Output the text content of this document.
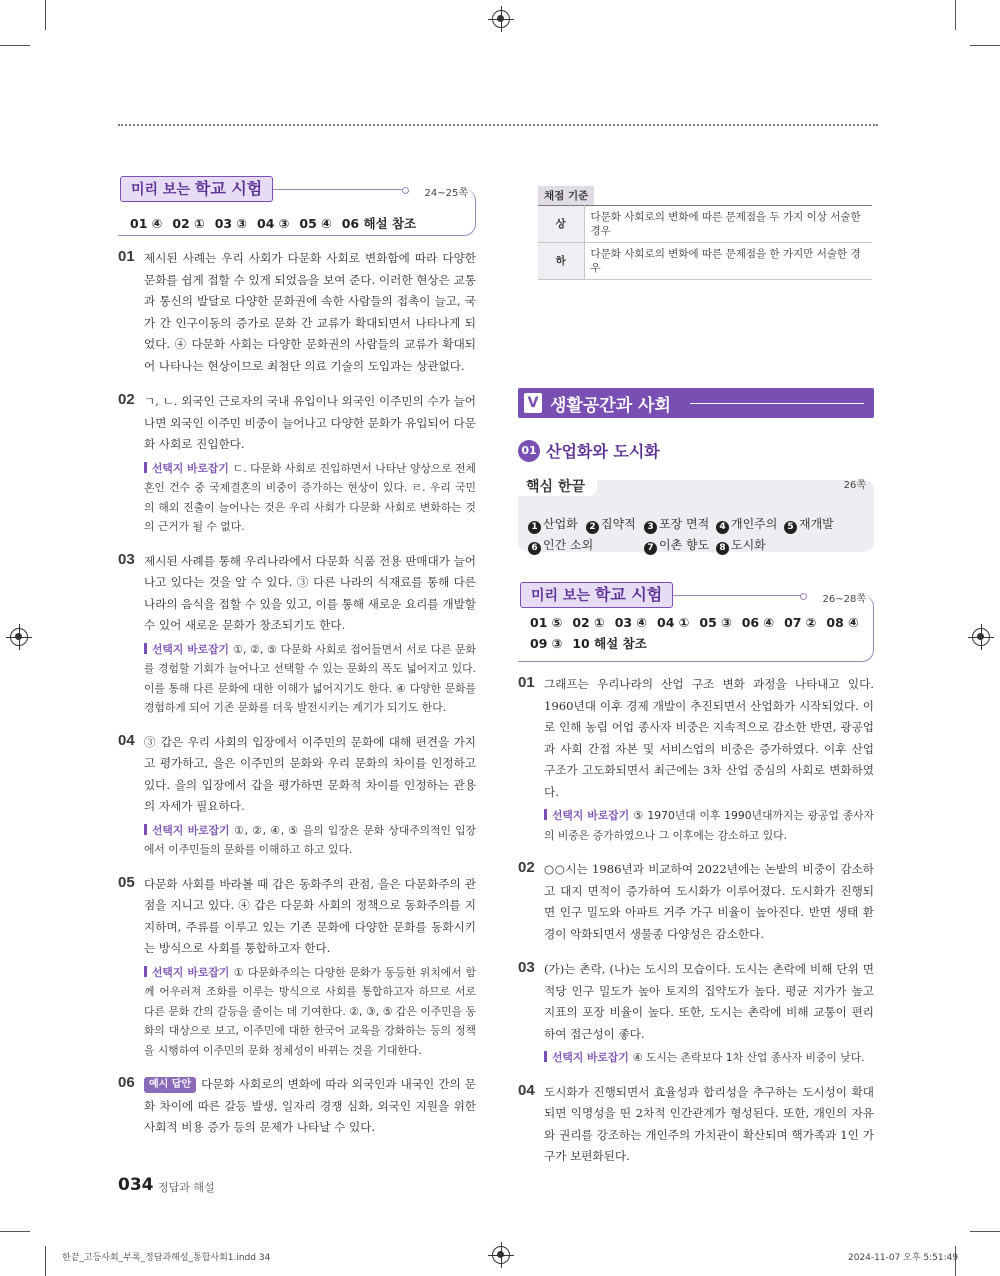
미리 보는 학교 시험	24~25쪽
01 ④ 02 ① 03 ③ 04 ③ 05 ④ 06 해설 참조
01 제시된 사례는 우리 사회가 다문화 사회로 변화함에 따라 다양한 문화를 쉽게 접할 수 있게 되었음을 보여 준다. 이러한 현상은 교통과 통신의 발달로 다양한 문화권에 속한 사람들의 접촉이 늘고, 국가 간 인구이동의 증가로 문화 간 교류가 확대되면서 나타나게 되었다. ④ 다문화 사회는 다양한 문화권의 사람들의 교류가 확대되어 나타나는 현상이므로 최첨단 의료 기술의 도입과는 상관없다.
02 ㄱ, ㄴ. 외국인 근로자의 국내 유입이나 외국인 이주민의 수가 늘어나면 외국인 이주민 비중이 늘어나고 다양한 문화가 유입되어 다문화 사회로 진입한다.
선택지 바로잡기 ㄷ. 다문화 사회로 진입하면서 나타난 양상으로 전체 혼인 건수 중 국제결혼의 비중이 증가하는 현상이 있다. ㄹ. 우리 국민의 해외 진출이 늘어나는 것은 우리 사회가 다문화 사회로 변화하는 것의 근거가 될 수 없다.
03 제시된 사례를 통해 우리나라에서 다문화 식품 전용 판매대가 늘어나고 있다는 것을 알 수 있다. ③ 다른 나라의 식재료를 통해 다른 나라의 음식을 접할 수 있을 있고, 이를 통해 새로운 요리를 개발할 수 있어 새로운 문화가 창조되기도 한다.
선택지 바로잡기 ①, ②, ⑤ 다문화 사회로 접어들면서 서로 다른 문화를 경험할 기회가 늘어나고 선택할 수 있는 문화의 폭도 넓어지고 있다. 이를 통해 다른 문화에 대한 이해가 넓어지기도 한다. ④ 다양한 문화를 경험하게 되어 기존 문화를 더욱 발전시키는 계기가 되기도 한다.
04 ③ 갑은 우리 사회의 입장에서 이주민의 문화에 대해 편견을 가지고 평가하고, 을은 이주민의 문화와 우리 문화의 차이를 인정하고 있다. 을의 입장에서 갑을 평가하면 문화적 차이를 인정하는 관용의 자세가 필요하다.
선택지 바로잡기 ①, ②, ④, ⑤ 을의 입장은 문화 상대주의적인 입장에서 이주민들의 문화를 이해하고 하고 있다.
05 다문화 사회를 바라볼 때 갑은 동화주의 관점, 을은 다문화주의 관점을 지니고 있다. ④ 갑은 다문화 사회의 정책으로 동화주의를 지지하며, 주류를 이루고 있는 기존 문화에 다양한 문화를 동화시키는 방식으로 사회를 통합하고자 한다.
선택지 바로잡기 ① 다문화주의는 다양한 문화가 동등한 위치에서 함께 어우러져 조화를 이루는 방식으로 사회를 통합하고자 하므로 서로 다른 문화 간의 갈등을 줄이는 데 기여한다. ②, ③, ⑤ 갑은 이주민을 동화의 대상으로 보고, 이주민에 대한 한국어 교육을 강화하는 등의 정책을 시행하여 이주민의 문화 정체성이 바뀌는 것을 기대한다.
06	예시 답안 다문화 사회로의 변화에 따라 외국인과 내국인 간의 문화 차이에 따른 갈등 발생, 일자리 경쟁 심화, 외국인 지원을 위한 사회적 비용 증가 등의 문제가 나타날 수 있다.
채점 기준
상	다문화 사회로의 변화에 따른 문제점을 두 가지 이상 서술한 경우
하	다문화 사회로의 변화에 따른 문제점을 한 가지만 서술한 경우
V 생활공간과 사회
01 산업화와 도시화
핵심 한끝	26쪽
1 산업화 2 집약적 3 포장 면적 4 개인주의 5 재개발
6 인간 소외	7 이촌 향도 8 도시화
미리 보는 학교 시험	26~28쪽
01 ⑤ 02 ① 03 ④ 04 ① 05 ③ 06 ④ 07 ② 08 ④
09 ③ 10 해설 참조
01 그래프는 우리나라의 산업 구조 변화 과정을 나타내고 있다. 1960년대 이후 경제 개발이 추진되면서 산업화가 시작되었다. 이로 인해 농림 어업 종사자 비중은 지속적으로 감소한 반면, 광공업과 사회 간접 자본 및 서비스업의 비중은 증가하였다. 이후 산업 구조가 고도화되면서 최근에는 3차 산업 중심의 사회로 변화하였다.
선택지 바로잡기 ⑤ 1970년대 이후 1990년대까지는 광공업 종사자의 비중은 증가하였으나 그 이후에는 감소하고 있다.
02 ○○시는 1986년과 비교하여 2022년에는 논밭의 비중이 감소하고 대지 면적이 증가하여 도시화가 이루어졌다. 도시화가 진행되면 인구 밀도와 아파트 거주 가구 비율이 높아진다. 반면 생태 환경이 악화되면서 생물종 다양성은 감소한다.
03 (가)는 촌락, (나)는 도시의 모습이다. 도시는 촌락에 비해 단위 면적당 인구 밀도가 높아 토지의 집약도가 높다. 평균 지가가 높고 지표의 포장 비율이 높다. 또한, 도시는 촌락에 비해 교통이 편리하여 접근성이 좋다.
선택지 바로잡기 ④ 도시는 촌락보다 1차 산업 종사자 비중이 낮다.
04 도시화가 진행되면서 효율성과 합리성을 추구하는 도시성이 확대되면 익명성을 띤 2차적 인간관계가 형성된다. 또한, 개인의 자유와 권리를 강조하는 개인주의 가치관이 확산되며 핵가족과 1인 가구가 보편화된다.
034 정답과 해설
한끝_고등사회_부록_정답과해설_통합사회1.indd 34	2024-11-07 오후 5:51:49
